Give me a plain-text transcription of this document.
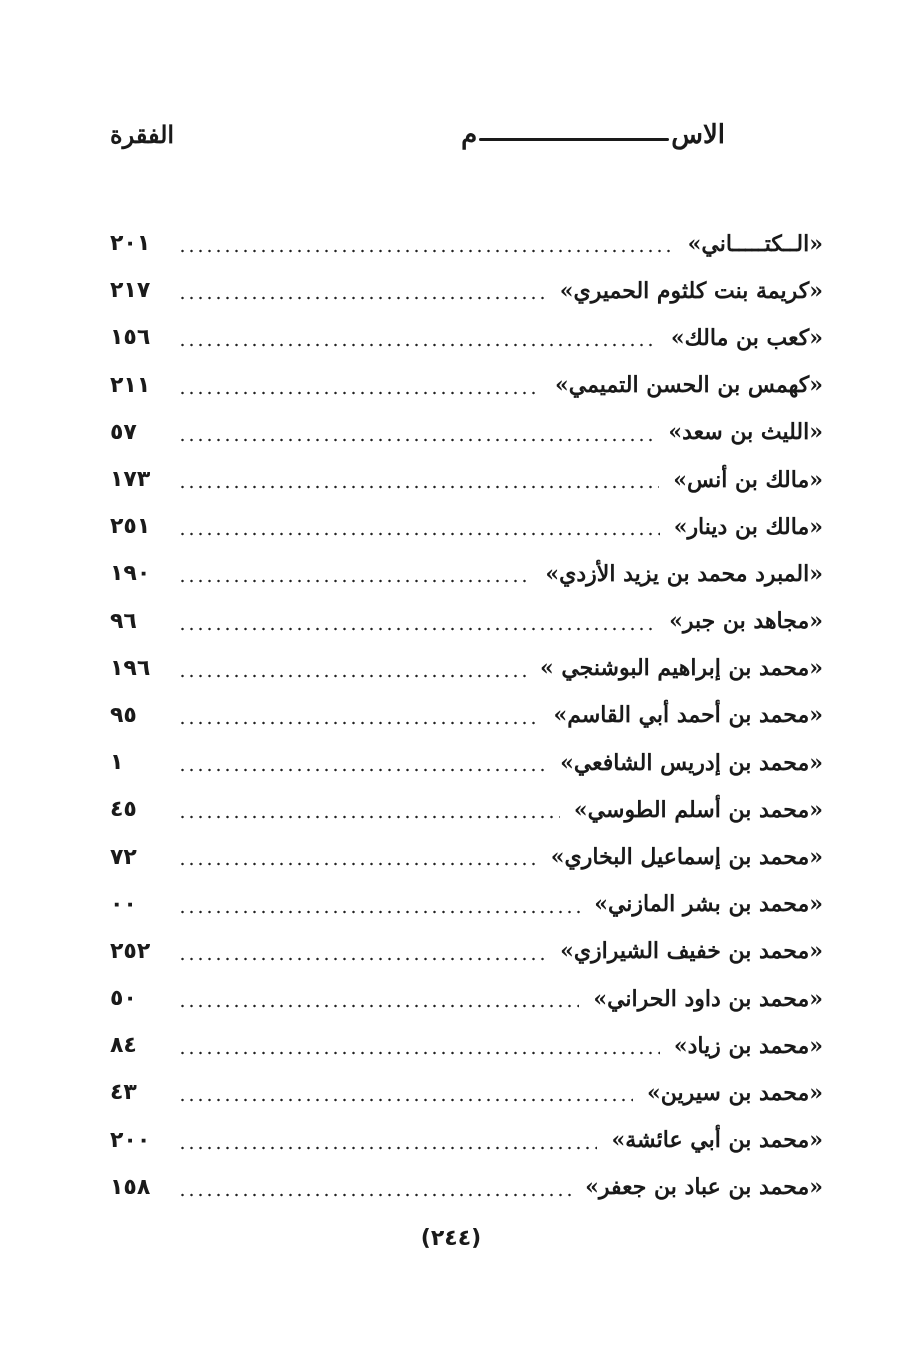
الاس
م
الفقرة
٢٠١	«الــكتـــــاني»
٢١٧	«كريمة بنت كلثوم الحميري»
١٥٦	«كعب بن مالك»
٢١١	«كهمس بن الحسن التميمي»
٥٧	«الليث بن سعد»
١٧٣	«مالك بن أنس»
٢٥١	«مالك بن دينار»
١٩٠	«المبرد محمد بن يزيد الأزدي»
٩٦	«مجاهد بن جبر»
١٩٦	«محمد بن إبراهيم البوشنجي »
٩٥	«محمد بن أحمد أبي القاسم»
١	«محمد بن إدريس الشافعي»
٤٥	«محمد بن أسلم الطوسي»
٧٢	«محمد بن إسماعيل البخاري»
٠٠	«محمد بن بشر المازني»
٢٥٢	«محمد بن خفيف الشيرازي»
٥٠	«محمد بن داود الحراني»
٨٤	«محمد بن زياد»
٤٣	«محمد بن سيرين»
٢٠٠	«محمد بن أبي عائشة»
١٥٨	«محمد بن عباد بن جعفر»
(٢٤٤)
